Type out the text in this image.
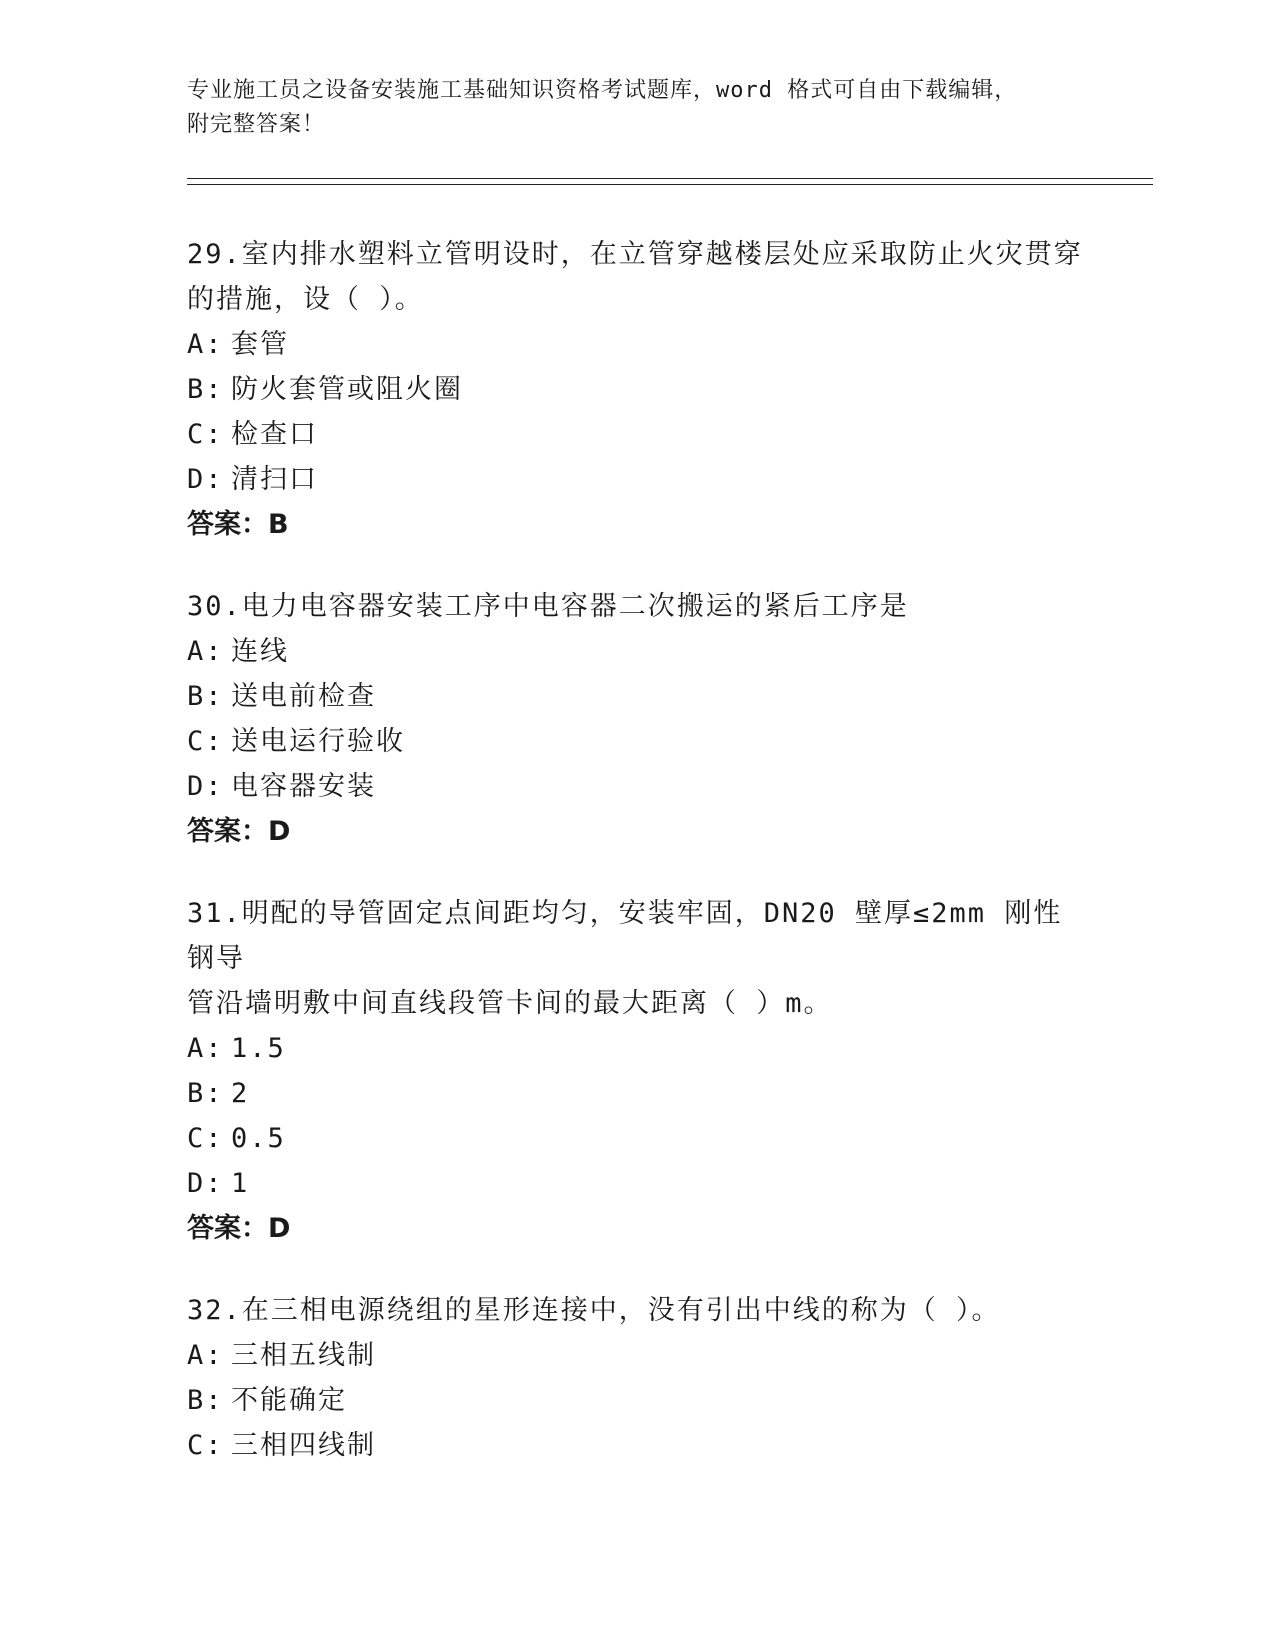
专业施工员之设备安装施工基础知识资格考试题库，word 格式可自由下载编辑，
附完整答案！

29.室内排水塑料立管明设时，在立管穿越楼层处应采取防止火灾贯穿
的措施，设（ ）。

A: 套管

B: 防火套管或阻火圈

C: 检查口

D: 清扫口

答案：B

30.电力电容器安装工序中电容器二次搬运的紧后工序是

A: 连线

B: 送电前检查

C: 送电运行验收

D: 电容器安装

答案：D

31.明配的导管固定点间距均匀，安装牢固，DN20 壁厚≤2mm 刚性钢导
管沿墙明敷中间直线段管卡间的最大距离（ ）m。

A: 1.5

B: 2

C: 0.5

D: 1

答案：D

32.在三相电源绕组的星形连接中，没有引出中线的称为（ ）。

A: 三相五线制

B: 不能确定

C: 三相四线制
